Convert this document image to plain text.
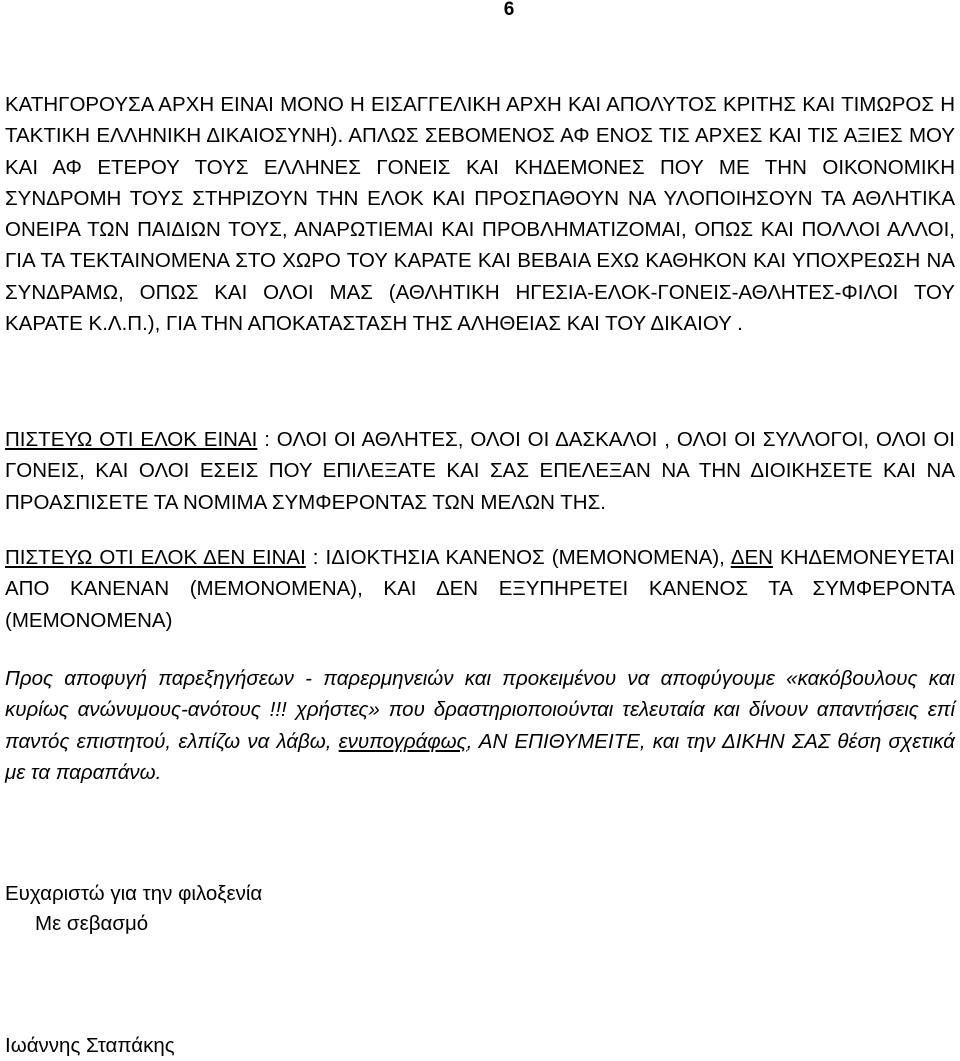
6

ΚΑΤΗΓΟΡΟΥΣΑ ΑΡΧΗ ΕΙΝΑΙ ΜΟΝΟ Η ΕΙΣΑΓΓΕΛΙΚΗ ΑΡΧΗ ΚΑΙ ΑΠΟΛΥΤΟΣ ΚΡΙΤΗΣ ΚΑΙ ΤΙΜΩΡΟΣ Η ΤΑΚΤΙΚΗ ΕΛΛΗΝΙΚΗ ΔΙΚΑΙΟΣΥΝΗ). ΑΠΛΩΣ ΣΕΒΟΜΕΝΟΣ ΑΦ ΕΝΟΣ ΤΙΣ ΑΡΧΕΣ ΚΑΙ ΤΙΣ ΑΞΙΕΣ ΜΟΥ ΚΑΙ ΑΦ ΕΤΕΡΟΥ ΤΟΥΣ ΕΛΛΗΝΕΣ ΓΟΝΕΙΣ ΚΑΙ ΚΗΔΕΜΟΝΕΣ ΠΟΥ ΜΕ ΤΗΝ ΟΙΚΟΝΟΜΙΚΗ ΣΥΝΔΡΟΜΗ ΤΟΥΣ ΣΤΗΡΙΖΟΥΝ ΤΗΝ ΕΛΟΚ ΚΑΙ ΠΡΟΣΠΑΘΟΥΝ ΝΑ ΥΛΟΠΟΙΗΣΟΥΝ ΤΑ ΑΘΛΗΤΙΚΑ ΟΝΕΙΡΑ ΤΩΝ ΠΑΙΔΙΩΝ ΤΟΥΣ, ΑΝΑΡΩΤΙΕΜΑΙ ΚΑΙ ΠΡΟΒΛΗΜΑΤΙΖΟΜΑΙ, ΟΠΩΣ ΚΑΙ ΠΟΛΛΟΙ ΑΛΛΟΙ, ΓΙΑ ΤΑ ΤΕΚΤΑΙΝΟΜΕΝΑ ΣΤΟ ΧΩΡΟ ΤΟΥ ΚΑΡΑΤΕ ΚΑΙ ΒΕΒΑΙΑ ΕΧΩ ΚΑΘΗΚΟΝ ΚΑΙ ΥΠΟΧΡΕΩΣΗ ΝΑ ΣΥΝΔΡΑΜΩ, ΟΠΩΣ ΚΑΙ ΟΛΟΙ ΜΑΣ (ΑΘΛΗΤΙΚΗ ΗΓΕΣΙΑ-ΕΛΟΚ-ΓΟΝΕΙΣ-ΑΘΛΗΤΕΣ-ΦΙΛΟΙ ΤΟΥ ΚΑΡΑΤΕ Κ.Λ.Π.), ΓΙΑ ΤΗΝ ΑΠΟΚΑΤΑΣΤΑΣΗ ΤΗΣ ΑΛΗΘΕΙΑΣ ΚΑΙ ΤΟΥ ΔΙΚΑΙΟΥ .

ΠΙΣΤΕΥΩ ΟΤΙ ΕΛΟΚ ΕΙΝΑΙ : ΟΛΟΙ ΟΙ ΑΘΛΗΤΕΣ, ΟΛΟΙ ΟΙ ΔΑΣΚΑΛΟΙ , ΟΛΟΙ ΟΙ ΣΥΛΛΟΓΟΙ, ΟΛΟΙ ΟΙ ΓΟΝΕΙΣ, ΚΑΙ ΟΛΟΙ ΕΣΕΙΣ ΠΟΥ ΕΠΙΛΕΞΑΤΕ ΚΑΙ ΣΑΣ ΕΠΕΛΕΞΑΝ ΝΑ ΤΗΝ ΔΙΟΙΚΗΣΕΤΕ ΚΑΙ ΝΑ ΠΡΟΑΣΠΙΣΕΤΕ ΤΑ ΝΟΜΙΜΑ ΣΥΜΦΕΡΟΝΤΑΣ ΤΩΝ ΜΕΛΩΝ ΤΗΣ.

ΠΙΣΤΕΥΩ ΟΤΙ ΕΛΟΚ ΔΕΝ ΕΙΝΑΙ : ΙΔΙΟΚΤΗΣΙΑ ΚΑΝΕΝΟΣ (ΜΕΜΟΝΟΜΕΝΑ), ΔΕΝ ΚΗΔΕΜΟΝΕΥΕΤΑΙ ΑΠΟ ΚΑΝΕΝΑΝ (ΜΕΜΟΝΟΜΕΝΑ), ΚΑΙ ΔΕΝ ΕΞΥΠΗΡΕΤΕΙ ΚΑΝΕΝΟΣ ΤΑ ΣΥΜΦΕΡΟΝΤΑ (ΜΕΜΟΝΟΜΕΝΑ)

Προς αποφυγή παρεξηγήσεων - παρερμηνειών και προκειμένου να αποφύγουμε «κακόβουλους και κυρίως ανώνυμους-ανότους !!! χρήστες» που δραστηριοποιούνται τελευταία και δίνουν απαντήσεις επί παντός επιστητού, ελπίζω να λάβω, ενυπογράφως, ΑΝ ΕΠΙΘΥΜΕΙΤΕ, και την ΔΙΚΗΝ ΣΑΣ θέση σχετικά με τα παραπάνω.

Ευχαριστώ για την φιλοξενία

Με σεβασμό

Ιωάννης Σταπάκης
